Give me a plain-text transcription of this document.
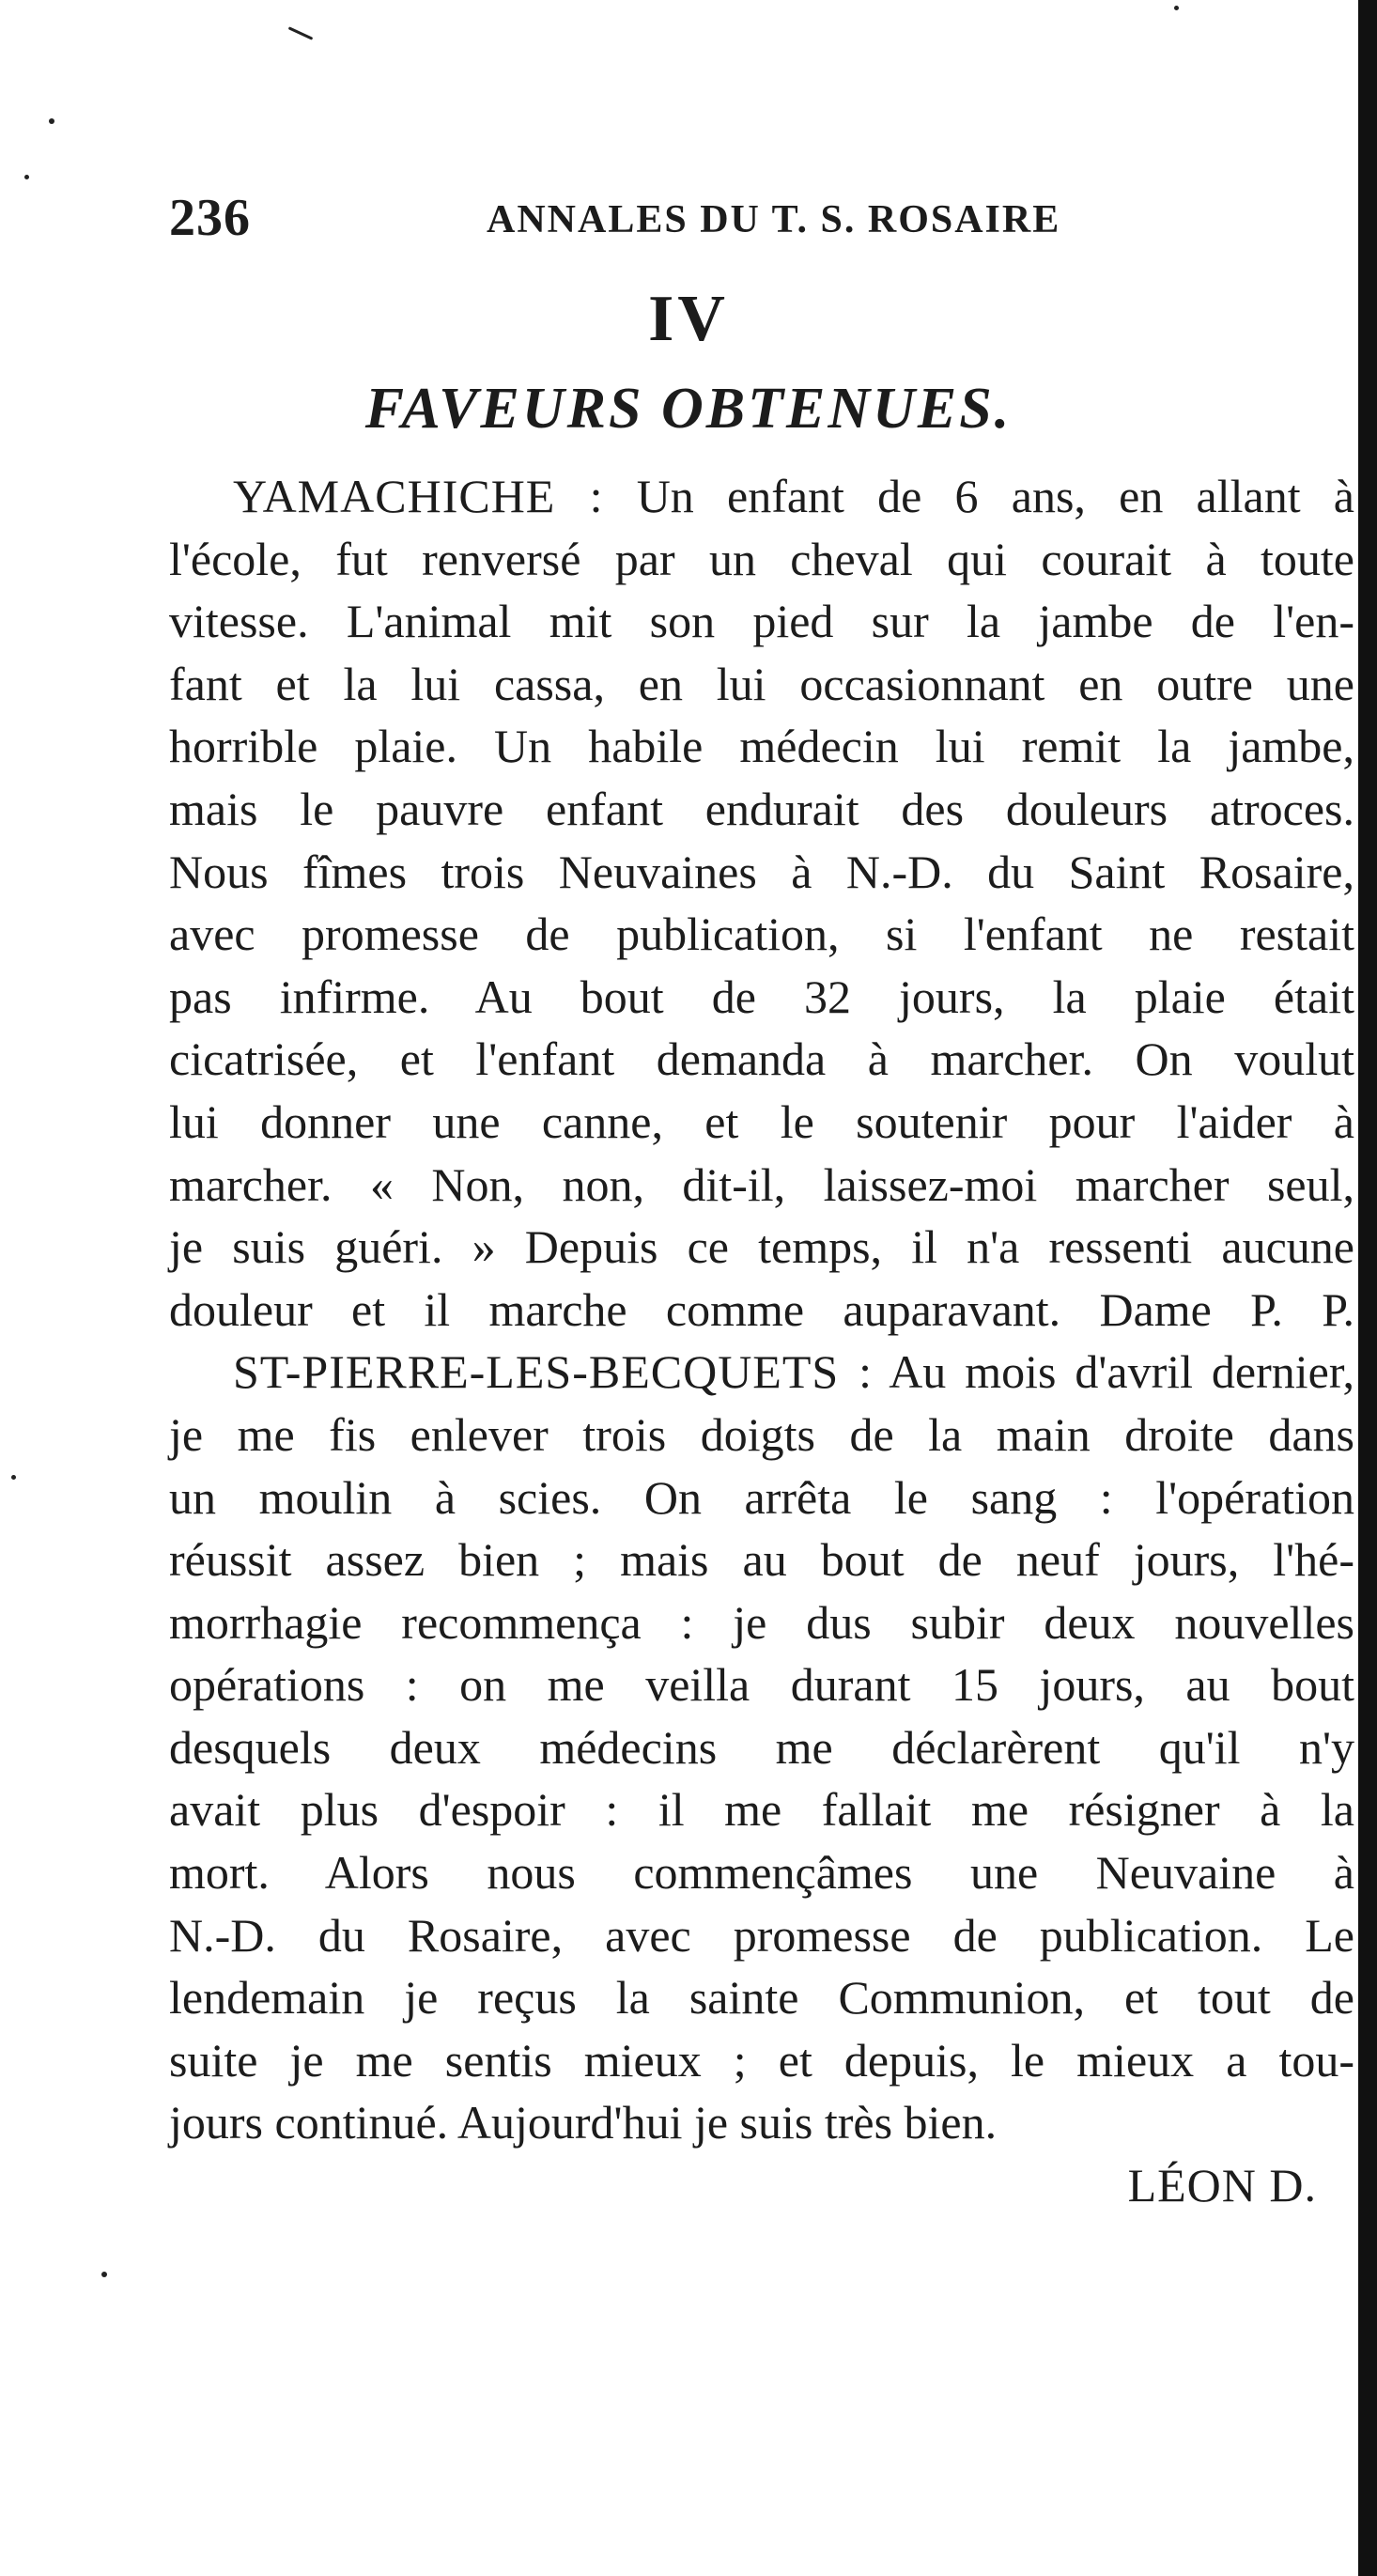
236	ANNALES DU T. S. ROSAIRE
IV
FAVEURS OBTENUES.
YAMACHICHE : Un enfant de 6 ans, en allant à
l'école, fut renversé par un cheval qui courait à toute
vitesse. L'animal mit son pied sur la jambe de l'en-
fant et la lui cassa, en lui occasionnant en outre une
horrible plaie. Un habile médecin lui remit la jambe,
mais le pauvre enfant endurait des douleurs atroces.
Nous fîmes trois Neuvaines à N.-D. du Saint Rosaire,
avec promesse de publication, si l'enfant ne restait
pas infirme. Au bout de 32 jours, la plaie était
cicatrisée, et l'enfant demanda à marcher. On voulut
lui donner une canne, et le soutenir pour l'aider à
marcher. « Non, non, dit-il, laissez-moi marcher seul,
je suis guéri. » Depuis ce temps, il n'a ressenti aucune
douleur et il marche comme auparavant. Dame P. P.
ST-PIERRE-LES-BECQUETS : Au mois d'avril dernier,
je me fis enlever trois doigts de la main droite dans
un moulin à scies. On arrêta le sang : l'opération
réussit assez bien ; mais au bout de neuf jours, l'hé-
morrhagie recommença : je dus subir deux nouvelles
opérations : on me veilla durant 15 jours, au bout
desquels deux médecins me déclarèrent qu'il n'y
avait plus d'espoir : il me fallait me résigner à la
mort. Alors nous commençâmes une Neuvaine à
N.-D. du Rosaire, avec promesse de publication. Le
lendemain je reçus la sainte Communion, et tout de
suite je me sentis mieux ; et depuis, le mieux a tou-
jours continué. Aujourd'hui je suis très bien.
LÉON D.
